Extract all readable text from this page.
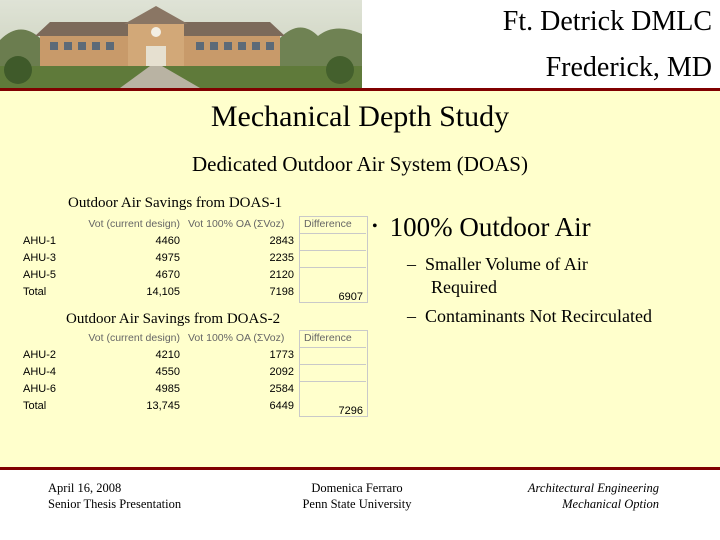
Ft. Detrick DMLC
Frederick, MD
Mechanical Depth Study
Dedicated Outdoor Air System (DOAS)
Outdoor Air Savings from DOAS-1
Vot (current design) Vot 100% OA (ΣVoz) Difference
AHU-1	4460	2843
AHU-3	4975	2235
AHU-5	4670	2120
Total	14,105	7198	6907
Outdoor Air Savings from DOAS-2
Vot (current design) Vot 100% OA (ΣVoz) Difference
AHU-2	4210	1773
AHU-4	4550	2092
AHU-6	4985	2584
Total	13,745	6449	7296
• 100% Outdoor Air
– Smaller Volume of Air
Required
– Contaminants Not Recirculated
April 16, 2008
Senior Thesis Presentation
Domenica Ferraro
Penn State University
Architectural Engineering
Mechanical Option
